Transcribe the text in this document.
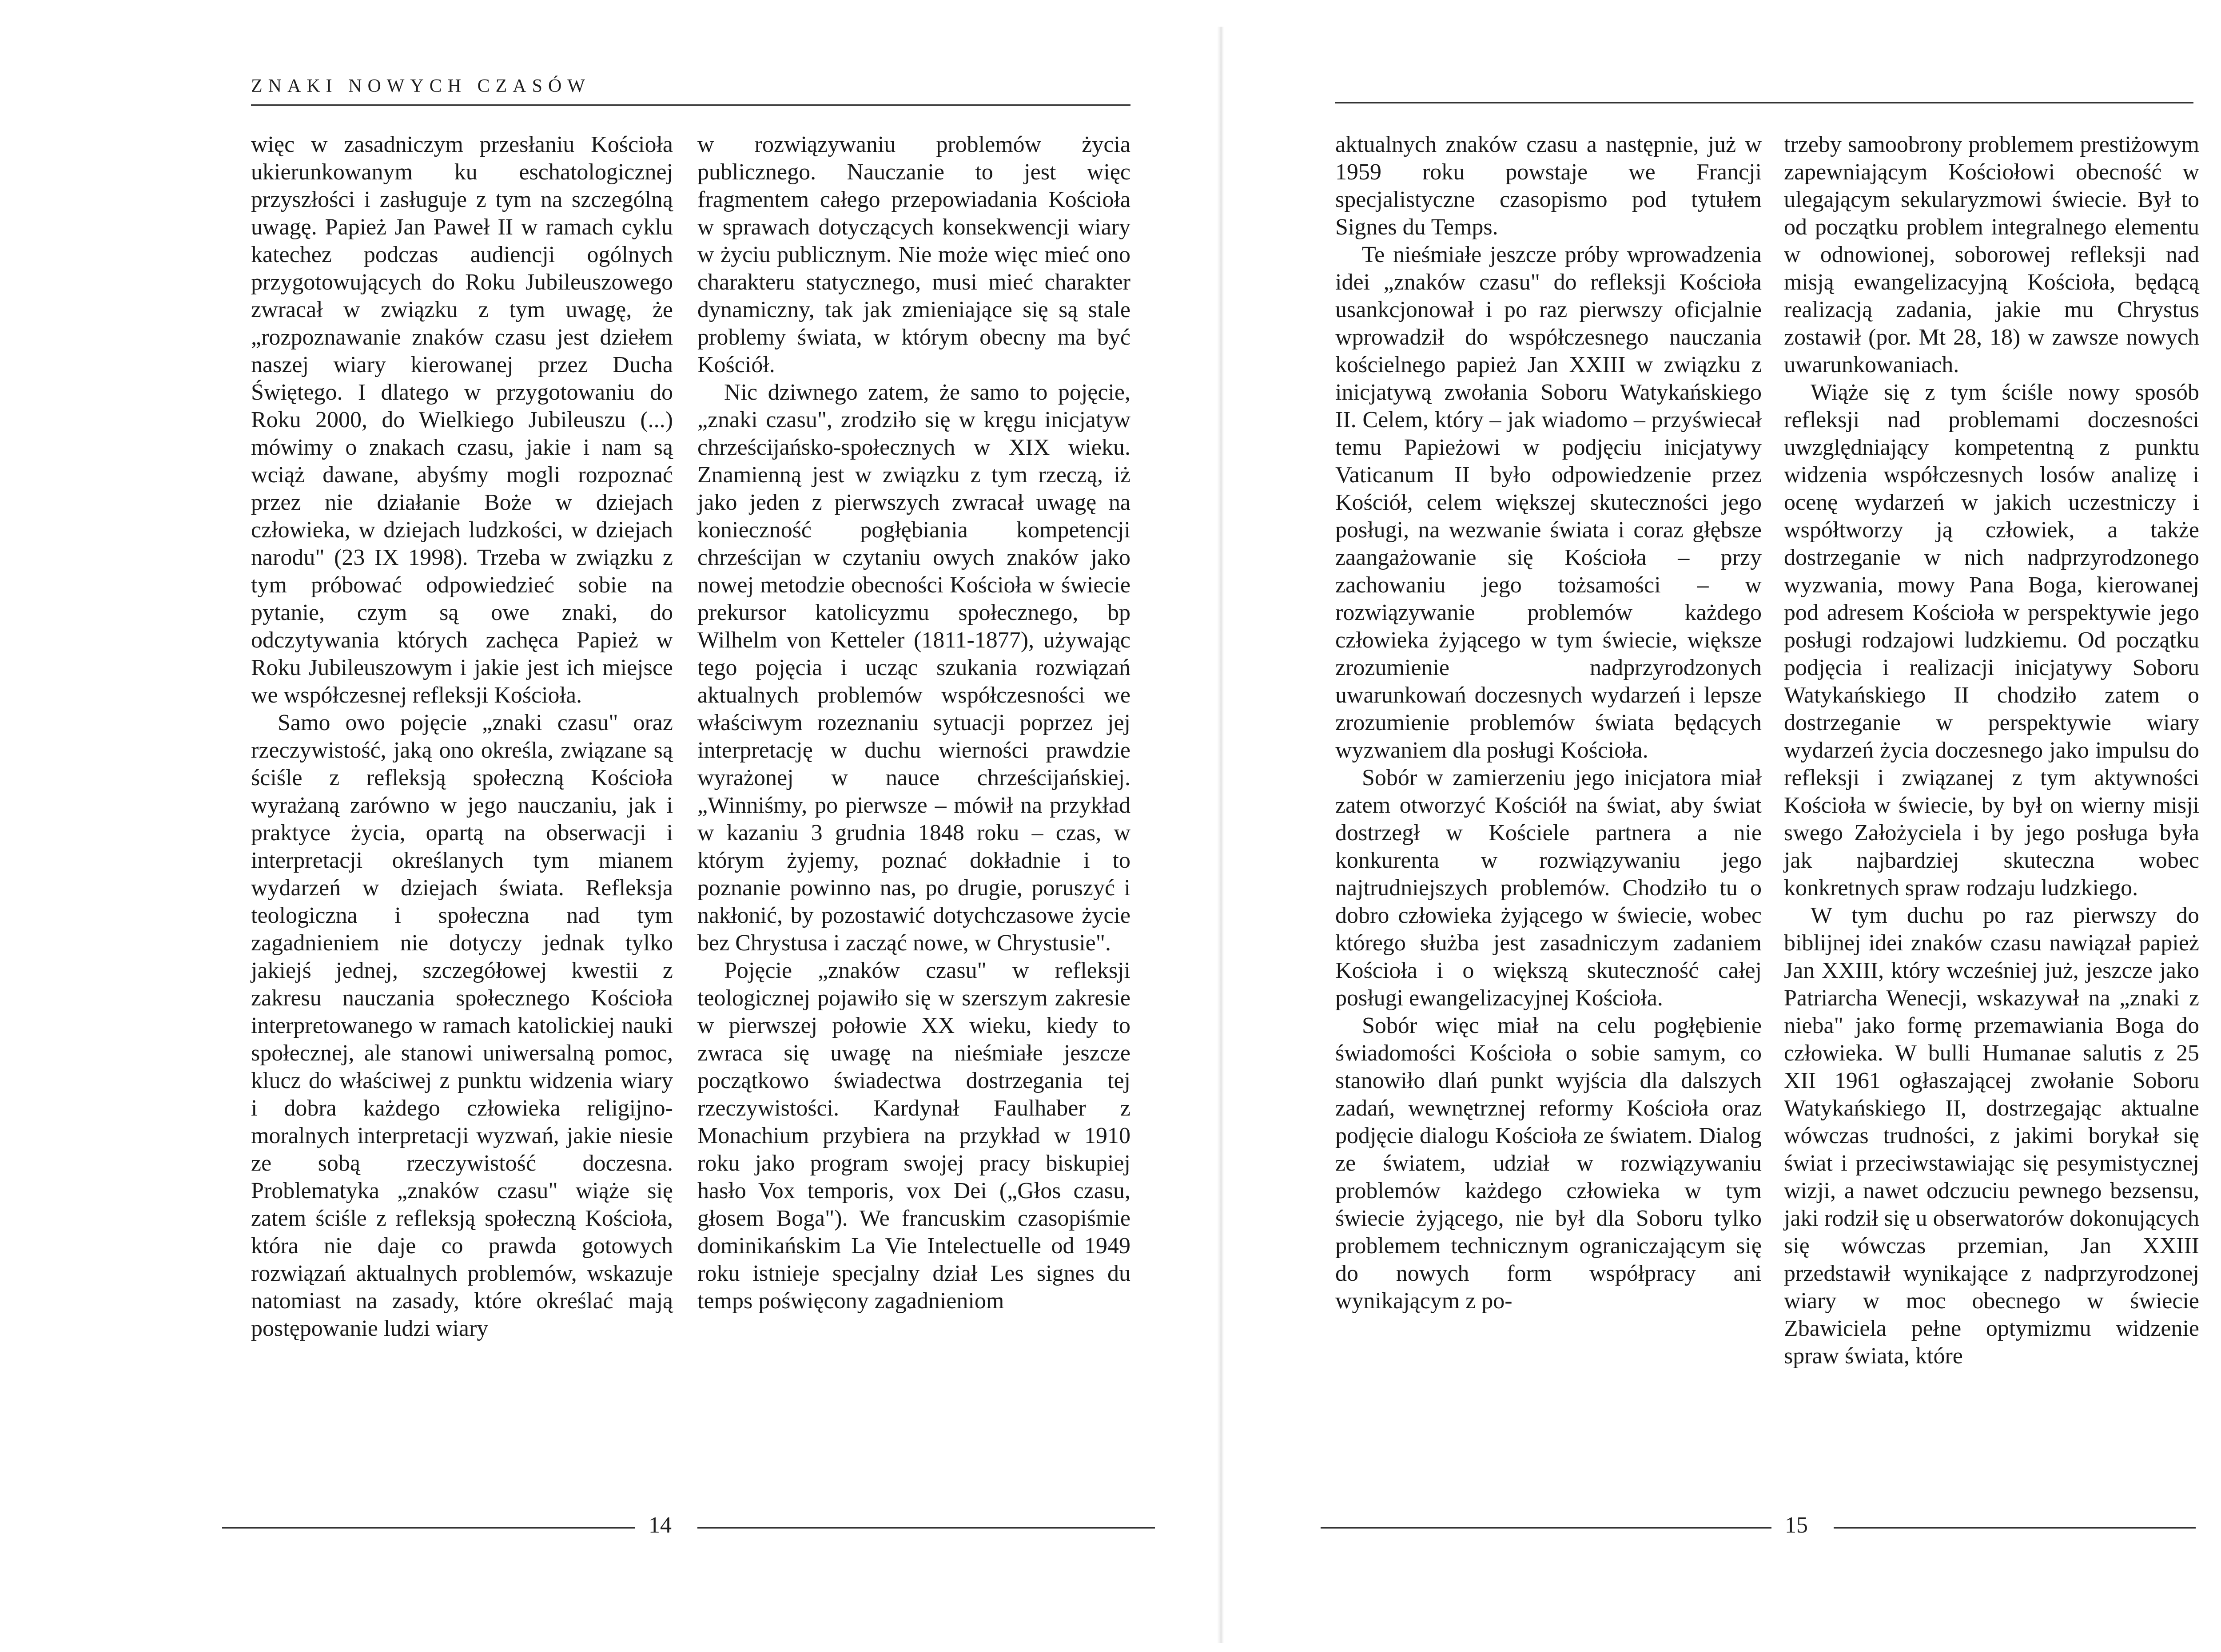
ZNAKI NOWYCH CZASÓW

więc w zasadniczym przesłaniu Kościoła ukierunkowanym ku eschatologicznej przyszłości i zasługuje z tym na szczególną uwagę. Papież Jan Paweł II w ramach cyklu katechez podczas audiencji ogólnych przygotowujących do Roku Jubileuszowego zwracał w związku z tym uwagę, że „rozpoznawanie znaków czasu jest dziełem naszej wiary kierowanej przez Ducha Świętego. I dlatego w przygotowaniu do Roku 2000, do Wielkiego Jubileuszu (...) mówimy o znakach czasu, jakie i nam są wciąż dawane, abyśmy mogli rozpoznać przez nie działanie Boże w dziejach człowieka, w dziejach ludzkości, w dziejach narodu" (23 IX 1998). Trzeba w związku z tym próbować odpowiedzieć sobie na pytanie, czym są owe znaki, do odczytywania których zachęca Papież w Roku Jubileuszowym i jakie jest ich miejsce we współczesnej refleksji Kościoła.

Samo owo pojęcie „znaki czasu" oraz rzeczywistość, jaką ono określa, związane są ściśle z refleksją społeczną Kościoła wyrażaną zarówno w jego nauczaniu, jak i praktyce życia, opartą na obserwacji i interpretacji określanych tym mianem wydarzeń w dziejach świata. Refleksja teologiczna i społeczna nad tym zagadnieniem nie dotyczy jednak tylko jakiejś jednej, szczegółowej kwestii z zakresu nauczania społecznego Kościoła interpretowanego w ramach katolickiej nauki społecznej, ale stanowi uniwersalną pomoc, klucz do właściwej z punktu widzenia wiary i dobra każdego człowieka religijno-moralnych interpretacji wyzwań, jakie niesie ze sobą rzeczywistość doczesna. Problematyka „znaków czasu" wiąże się zatem ściśle z refleksją społeczną Kościoła, która nie daje co prawda gotowych rozwiązań aktualnych problemów, wskazuje natomiast na zasady, które określać mają postępowanie ludzi wiary

w rozwiązywaniu problemów życia publicznego. Nauczanie to jest więc fragmentem całego przepowiadania Kościoła w sprawach dotyczących konsekwencji wiary w życiu publicznym. Nie może więc mieć ono charakteru statycznego, musi mieć charakter dynamiczny, tak jak zmieniające się są stale problemy świata, w którym obecny ma być Kościół.

Nic dziwnego zatem, że samo to pojęcie, „znaki czasu", zrodziło się w kręgu inicjatyw chrześcijańsko-społecznych w XIX wieku. Znamienną jest w związku z tym rzeczą, iż jako jeden z pierwszych zwracał uwagę na konieczność pogłębiania kompetencji chrześcijan w czytaniu owych znaków jako nowej metodzie obecności Kościoła w świecie prekursor katolicyzmu społecznego, bp Wilhelm von Ketteler (1811-1877), używając tego pojęcia i ucząc szukania rozwiązań aktualnych problemów współczesności we właściwym rozeznaniu sytuacji poprzez jej interpretację w duchu wierności prawdzie wyrażonej w nauce chrześcijańskiej. „Winniśmy, po pierwsze – mówił na przykład w kazaniu 3 grudnia 1848 roku – czas, w którym żyjemy, poznać dokładnie i to poznanie powinno nas, po drugie, poruszyć i nakłonić, by pozostawić dotychczasowe życie bez Chrystusa i zacząć nowe, w Chrystusie".

Pojęcie „znaków czasu" w refleksji teologicznej pojawiło się w szerszym zakresie w pierwszej połowie XX wieku, kiedy to zwraca się uwagę na nieśmiałe jeszcze początkowo świadectwa dostrzegania tej rzeczywistości. Kardynał Faulhaber z Monachium przybiera na przykład w 1910 roku jako program swojej pracy biskupiej hasło Vox temporis, vox Dei („Głos czasu, głosem Boga"). We francuskim czasopiśmie dominikańskim La Vie Intelectuelle od 1949 roku istnieje specjalny dział Les signes du temps poświęcony zagadnieniom

14

aktualnych znaków czasu a następnie, już w 1959 roku powstaje we Francji specjalistyczne czasopismo pod tytułem Signes du Temps.

Te nieśmiałe jeszcze próby wprowadzenia idei „znaków czasu" do refleksji Kościoła usankcjonował i po raz pierwszy oficjalnie wprowadził do współczesnego nauczania kościelnego papież Jan XXIII w związku z inicjatywą zwołania Soboru Watykańskiego II. Celem, który – jak wiadomo – przyświecał temu Papieżowi w podjęciu inicjatywy Vaticanum II było odpowiedzenie przez Kościół, celem większej skuteczności jego posługi, na wezwanie świata i coraz głębsze zaangażowanie się Kościoła – przy zachowaniu jego tożsamości – w rozwiązywanie problemów każdego człowieka żyjącego w tym świecie, większe zrozumienie nadprzyrodzonych uwarunkowań doczesnych wydarzeń i lepsze zrozumienie problemów świata będących wyzwaniem dla posługi Kościoła.

Sobór w zamierzeniu jego inicjatora miał zatem otworzyć Kościół na świat, aby świat dostrzegł w Kościele partnera a nie konkurenta w rozwiązywaniu jego najtrudniejszych problemów. Chodziło tu o dobro człowieka żyjącego w świecie, wobec którego służba jest zasadniczym zadaniem Kościoła i o większą skuteczność całej posługi ewangelizacyjnej Kościoła.

Sobór więc miał na celu pogłębienie świadomości Kościoła o sobie samym, co stanowiło dlań punkt wyjścia dla dalszych zadań, wewnętrznej reformy Kościoła oraz podjęcie dialogu Kościoła ze światem. Dialog ze światem, udział w rozwiązywaniu problemów każdego człowieka w tym świecie żyjącego, nie był dla Soboru tylko problemem technicznym ograniczającym się do nowych form współpracy ani wynikającym z po-

trzeby samoobrony problemem prestiżowym zapewniającym Kościołowi obecność w ulegającym sekularyzmowi świecie. Był to od początku problem integralnego elementu w odnowionej, soborowej refleksji nad misją ewangelizacyjną Kościoła, będącą realizacją zadania, jakie mu Chrystus zostawił (por. Mt 28, 18) w zawsze nowych uwarunkowaniach.

Wiąże się z tym ściśle nowy sposób refleksji nad problemami doczesności uwzględniający kompetentną z punktu widzenia współczesnych losów analizę i ocenę wydarzeń w jakich uczestniczy i współtworzy ją człowiek, a także dostrzeganie w nich nadprzyrodzonego wyzwania, mowy Pana Boga, kierowanej pod adresem Kościoła w perspektywie jego posługi rodzajowi ludzkiemu. Od początku podjęcia i realizacji inicjatywy Soboru Watykańskiego II chodziło zatem o dostrzeganie w perspektywie wiary wydarzeń życia doczesnego jako impulsu do refleksji i związanej z tym aktywności Kościoła w świecie, by był on wierny misji swego Założyciela i by jego posługa była jak najbardziej skuteczna wobec konkretnych spraw rodzaju ludzkiego.

W tym duchu po raz pierwszy do biblijnej idei znaków czasu nawiązał papież Jan XXIII, który wcześniej już, jeszcze jako Patriarcha Wenecji, wskazywał na „znaki z nieba" jako formę przemawiania Boga do człowieka. W bulli Humanae salutis z 25 XII 1961 ogłaszającej zwołanie Soboru Watykańskiego II, dostrzegając aktualne wówczas trudności, z jakimi borykał się świat i przeciwstawiając się pesymistycznej wizji, a nawet odczuciu pewnego bezsensu, jaki rodził się u obserwatorów dokonujących się wówczas przemian, Jan XXIII przedstawił wynikające z nadprzyrodzonej wiary w moc obecnego w świecie Zbawiciela pełne optymizmu widzenie spraw świata, które

15
